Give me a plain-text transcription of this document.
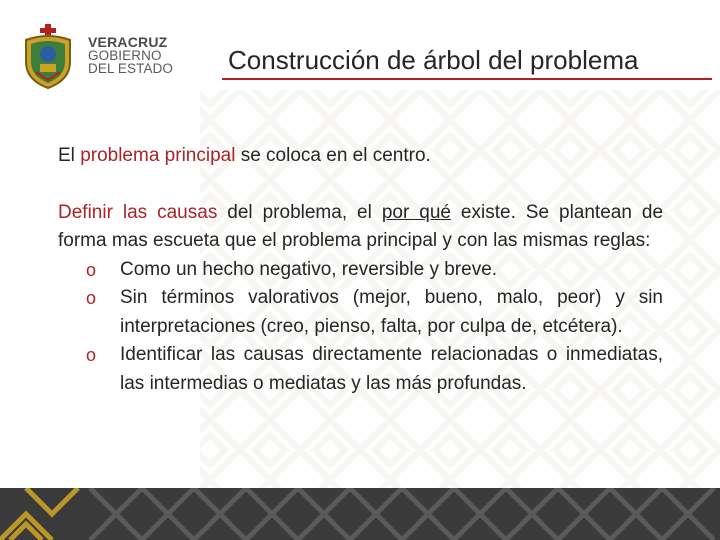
VERACRUZ
GOBIERNO
DEL ESTADO Construcción de árbol del problema

El problema principal se coloca en el centro.

Definir las causas del problema, el por qué existe. Se plantean de forma mas escueta que el problema principal y con las mismas reglas:

o Como un hecho negativo, reversible y breve.
o Sin términos valorativos (mejor, bueno, malo, peor) y sin interpretaciones (creo, pienso, falta, por culpa de, etcétera).
o Identificar las causas directamente relacionadas o inmediatas, las intermedias o mediatas y las más profundas.
